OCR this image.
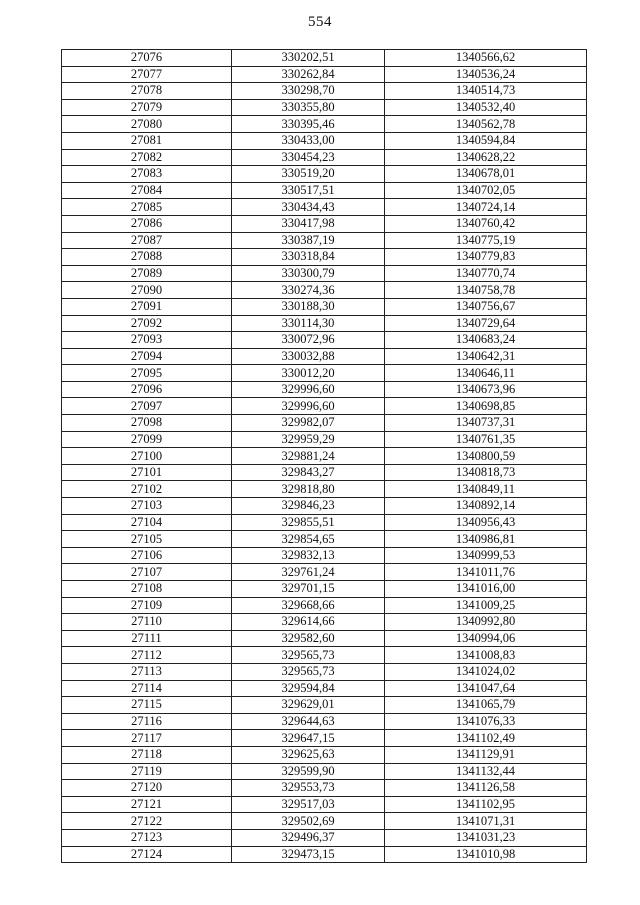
554
27076	330202,51	1340566,62
27077	330262,84	1340536,24
27078	330298,70	1340514,73
27079	330355,80	1340532,40
27080	330395,46	1340562,78
27081	330433,00	1340594,84
27082	330454,23	1340628,22
27083	330519,20	1340678,01
27084	330517,51	1340702,05
27085	330434,43	1340724,14
27086	330417,98	1340760,42
27087	330387,19	1340775,19
27088	330318,84	1340779,83
27089	330300,79	1340770,74
27090	330274,36	1340758,78
27091	330188,30	1340756,67
27092	330114,30	1340729,64
27093	330072,96	1340683,24
27094	330032,88	1340642,31
27095	330012,20	1340646,11
27096	329996,60	1340673,96
27097	329996,60	1340698,85
27098	329982,07	1340737,31
27099	329959,29	1340761,35
27100	329881,24	1340800,59
27101	329843,27	1340818,73
27102	329818,80	1340849,11
27103	329846,23	1340892,14
27104	329855,51	1340956,43
27105	329854,65	1340986,81
27106	329832,13	1340999,53
27107	329761,24	1341011,76
27108	329701,15	1341016,00
27109	329668,66	1341009,25
27110	329614,66	1340992,80
27111	329582,60	1340994,06
27112	329565,73	1341008,83
27113	329565,73	1341024,02
27114	329594,84	1341047,64
27115	329629,01	1341065,79
27116	329644,63	1341076,33
27117	329647,15	1341102,49
27118	329625,63	1341129,91
27119	329599,90	1341132,44
27120	329553,73	1341126,58
27121	329517,03	1341102,95
27122	329502,69	1341071,31
27123	329496,37	1341031,23
27124	329473,15	1341010,98
